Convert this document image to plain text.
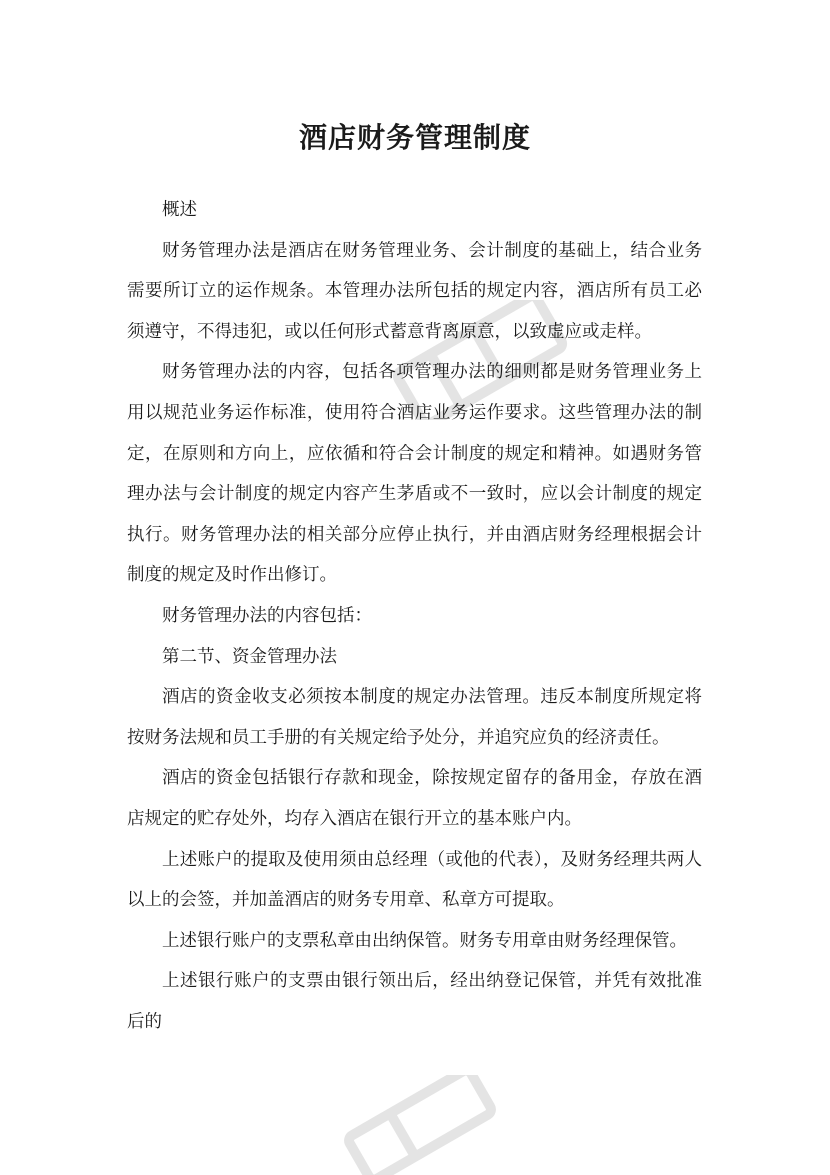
酒店财务管理制度

概述

财务管理办法是酒店在财务管理业务、会计制度的基础上，结合业务需要所订立的运作规条。本管理办法所包括的规定内容，酒店所有员工必须遵守，不得违犯，或以任何形式蓄意背离原意，以致虚应或走样。

财务管理办法的内容，包括各项管理办法的细则都是财务管理业务上用以规范业务运作标准，使用符合酒店业务运作要求。这些管理办法的制定，在原则和方向上，应依循和符合会计制度的规定和精神。如遇财务管理办法与会计制度的规定内容产生茅盾或不一致时，应以会计制度的规定执行。财务管理办法的相关部分应停止执行，并由酒店财务经理根据会计制度的规定及时作出修订。

财务管理办法的内容包括：

第二节、资金管理办法

酒店的资金收支必须按本制度的规定办法管理。违反本制度所规定将按财务法规和员工手册的有关规定给予处分，并追究应负的经济责任。

酒店的资金包括银行存款和现金，除按规定留存的备用金，存放在酒店规定的贮存处外，均存入酒店在银行开立的基本账户内。

上述账户的提取及使用须由总经理（或他的代表），及财务经理共两人以上的会签，并加盖酒店的财务专用章、私章方可提取。

上述银行账户的支票私章由出纳保管。财务专用章由财务经理保管。

上述银行账户的支票由银行领出后，经出纳登记保管，并凭有效批准后的
